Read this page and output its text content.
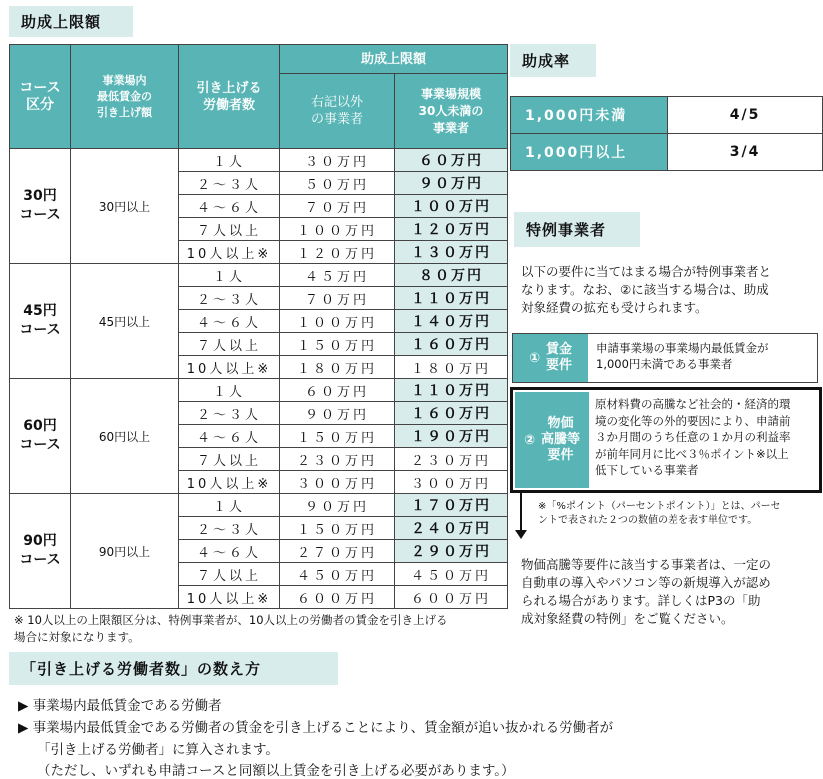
助成上限額
コース
区分	事業場内
最低賃金の
引き上げ額	引き上げる
労働者数	助成上限額	
			右記以外
の事業者	事業場規模
30人未満の
事業者
30円
コース	30円以上	１人	３０万円	６０万円
		２～３人	５０万円	９０万円
		４～６人	７０万円	１００万円
		７人以上	１００万円	１２０万円
		10人以上※	１２０万円	１３０万円
45円
コース	45円以上	１人	４５万円	８０万円
		２～３人	７０万円	１１０万円
		４～６人	１００万円	１４０万円
		７人以上	１５０万円	１６０万円
		10人以上※	１８０万円	１８０万円
60円
コース	60円以上	１人	６０万円	１１０万円
		２～３人	９０万円	１６０万円
		４～６人	１５０万円	１９０万円
		７人以上	２３０万円	２３０万円
		10人以上※	３００万円	３００万円
90円
コース	90円以上	１人	９０万円	１７０万円
		２～３人	１５０万円	２４０万円
		４～６人	２７０万円	２９０万円
		７人以上	４５０万円	４５０万円
		10人以上※	６００万円	６００万円
※ 10人以上の上限額区分は、特例事業者が、10人以上の労働者の賃金を引き上げる
場合に対象になります。
助成率
1,000円未満	4/5
1,000円以上	3/4
特例事業者
以下の要件に当てはまる場合が特例事業者と
なります。なお、②に該当する場合は、助成
対象経費の拡充も受けられます。
①
賃金
要件
申請事業場の事業場内最低賃金が
1,000円未満である事業者
②
物価
高騰等
要件
原材料費の高騰など社会的・経済的環
境の変化等の外的要因により、申請前
３か月間のうち任意の１か月の利益率
が前年同月に比べ３％ポイント※以上
低下している事業者
※「%ポイント（パーセントポイント）」とは、パーセ
ントで表された２つの数値の差を表す単位です。
物価高騰等要件に該当する事業者は、一定の
自動車の導入やパソコン等の新規導入が認め
られる場合があります。詳しくはP3の「助
成対象経費の特例」をご覧ください。
「引き上げる労働者数」の数え方
▶ 事業場内最低賃金である労働者
▶ 事業場内最低賃金である労働者の賃金を引き上げることにより、賃金額が追い抜かれる労働者が
「引き上げる労働者」に算入されます。
（ただし、いずれも申請コースと同額以上賃金を引き上げる必要があります。）
